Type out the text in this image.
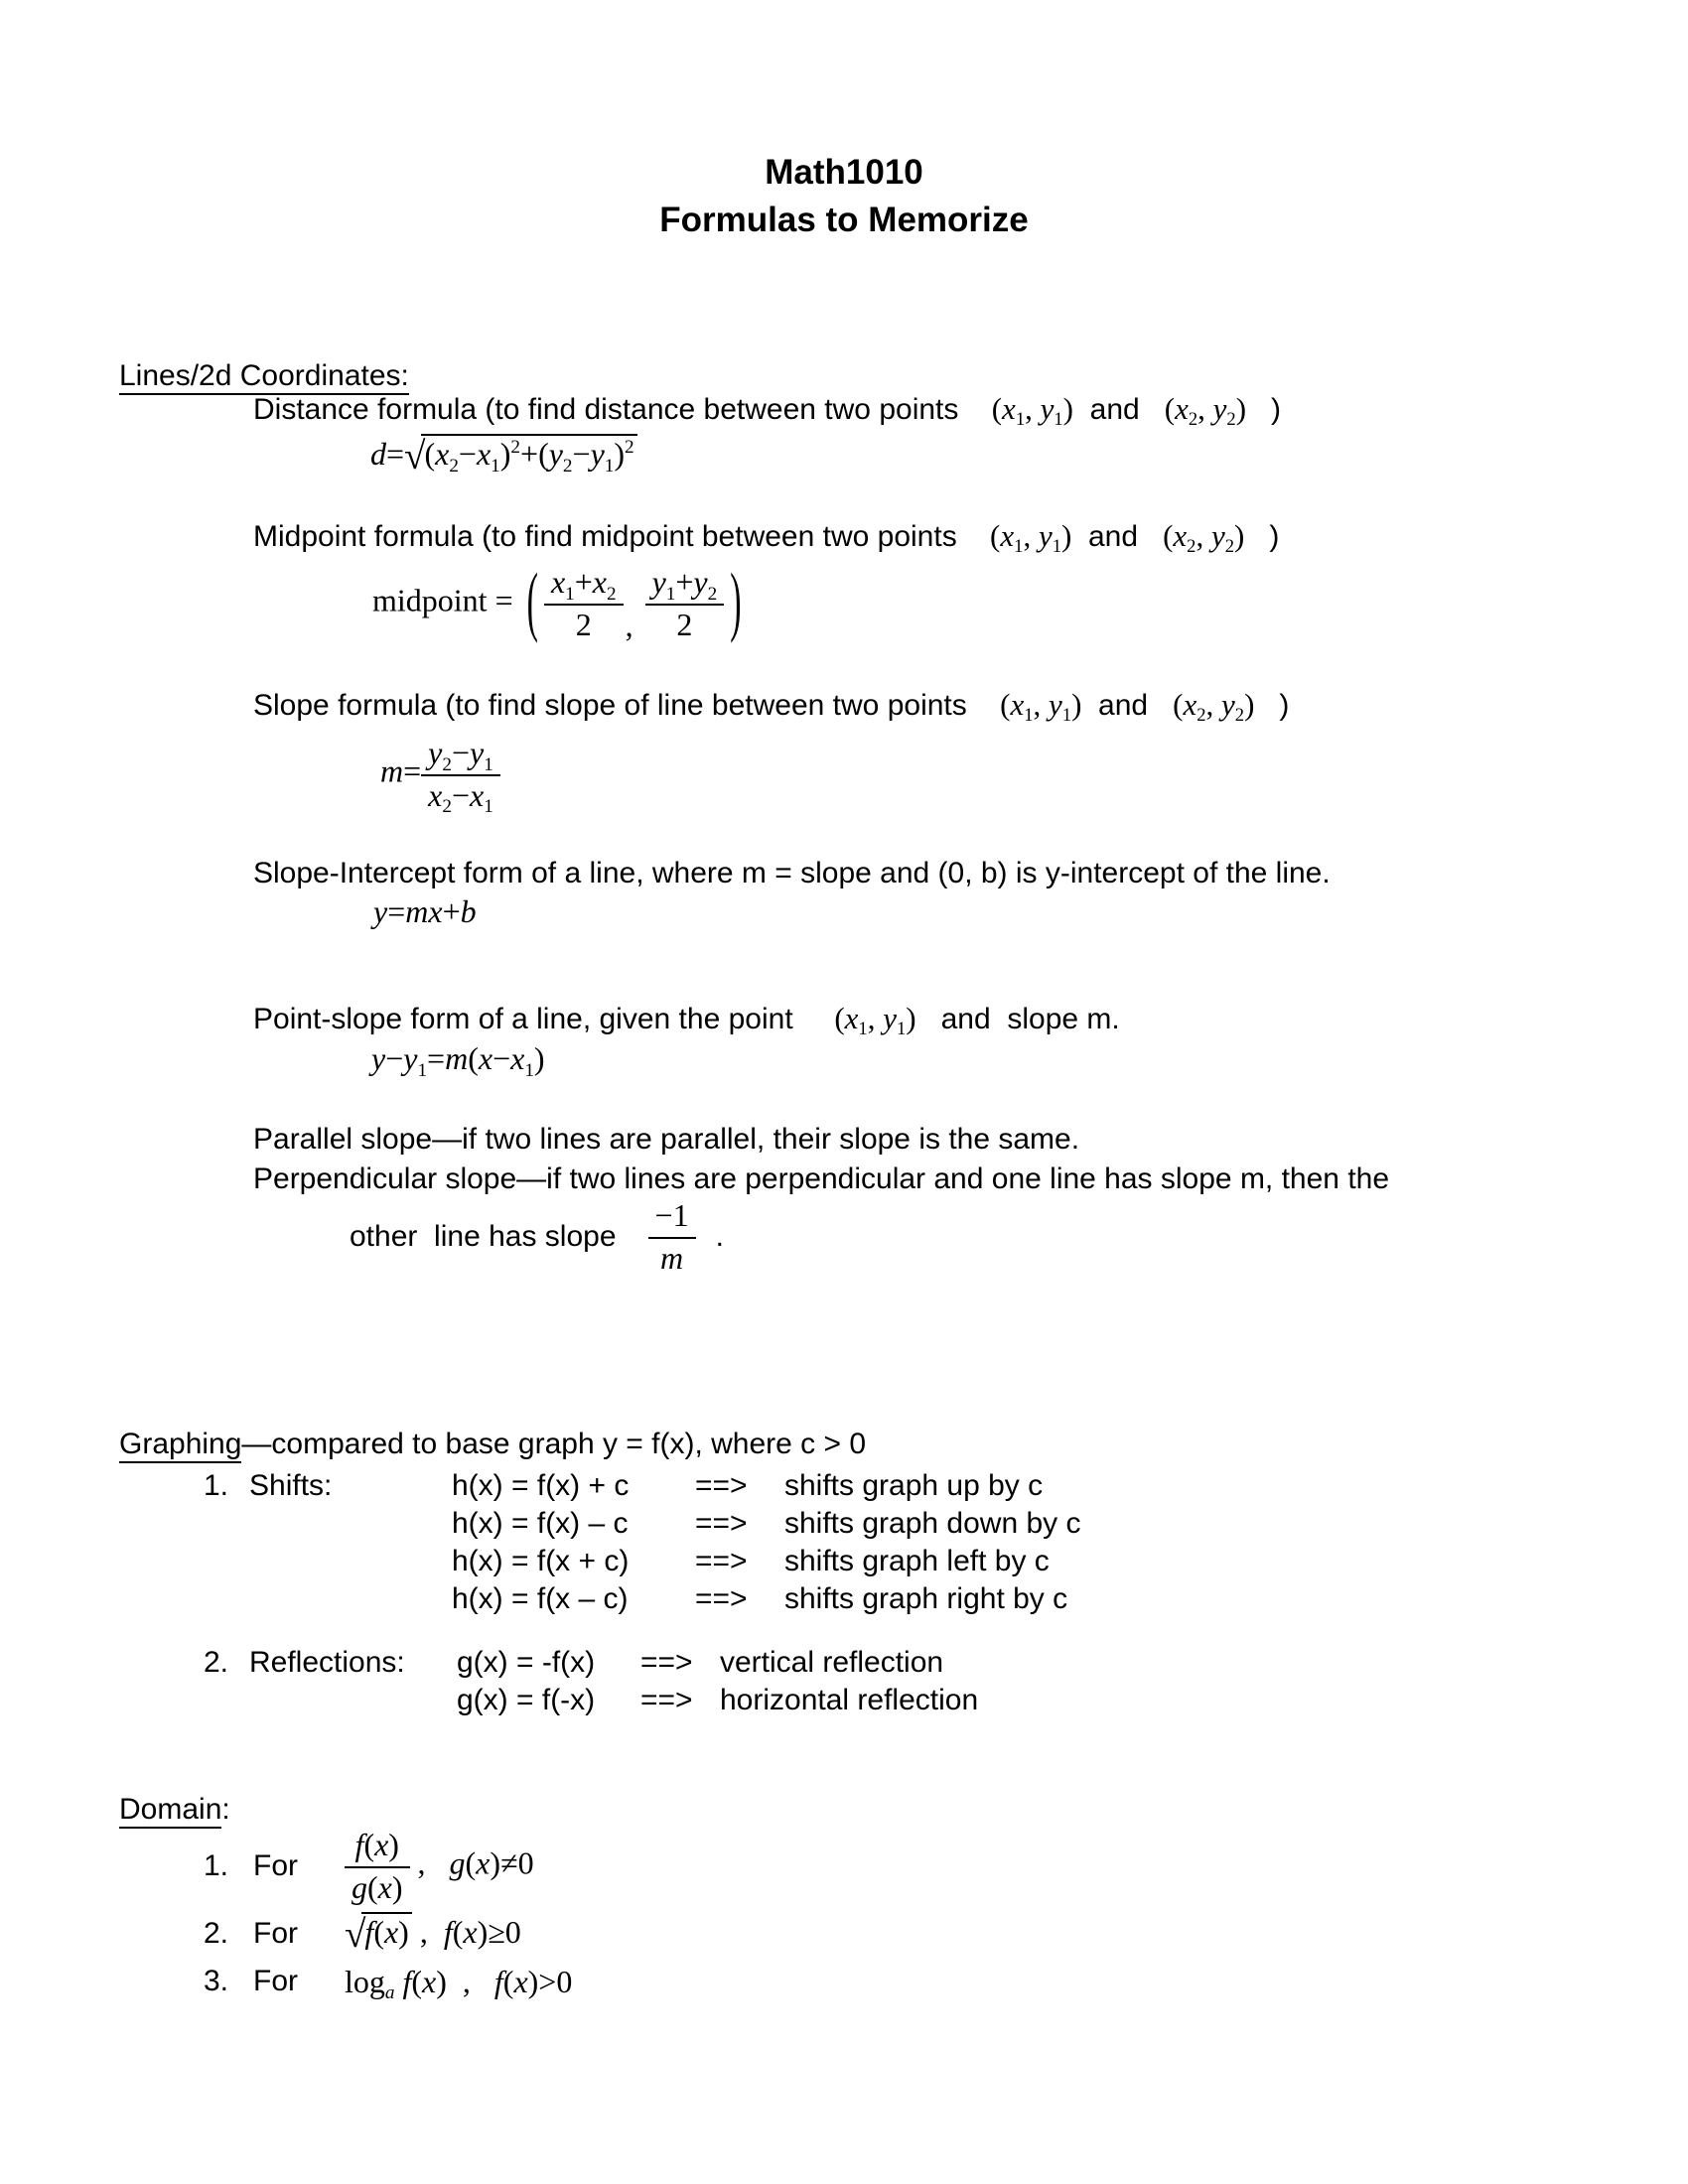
Math1010
Formulas to Memorize
Lines/2d Coordinates:

Distance formula (to find distance between two points    ($x_1$, $y_1$)  and   ($x_2$, $y_2$)   )

$d=√(x_2-x_1)^2+(y_2-y_1)^2$

Midpoint formula (to find midpoint between two points    ($x_1$, $y_1$)  and   ($x_2$, $y_2$)   )

midpoint = ( $\frac{x_1+x_2}{2}$ , $\frac{y_1+y_2}{2}$ )

Slope formula (to find slope of line between two points    ($x_1$, $y_1$)  and   ($x_2$, $y_2$)   )

$m= \frac{y_2-y_1}{x_2-x_1}$

Slope-Intercept form of a line, where m = slope and (0, b) is y-intercept of the line.

y=mx+b

Point-slope form of a line, given the point     ($x_1$, $y_1$)   and  slope m.

$y-y_1=m(x-x_1)$

Parallel slope—if two lines are parallel, their slope is the same.

Perpendicular slope—if two lines are perpendicular and one line has slope m, then the

other  line has slope $\frac{-1}{m}$ .
Graphing—compared to base graph y = f(x), where c > 0
1. Shifts:	h(x) = f(x) + c	==>	shifts graph up by c
h(x) = f(x) – c	==>	shifts graph down by c
h(x) = f(x + c)	==>	shifts graph left by c
h(x) = f(x – c)	==>	shifts graph right by c
2. Reflections:	g(x) = -f(x)	==> vertical reflection
g(x) = f(-x)	==> horizontal reflection
Domain:
1. For	$\frac{f(x)}{g(x)}$ ,   g(x)≠0
2. For	√f(x) ,  f(x)≥0
3. For	$\log_a f(x)$  ,   f(x)>0
